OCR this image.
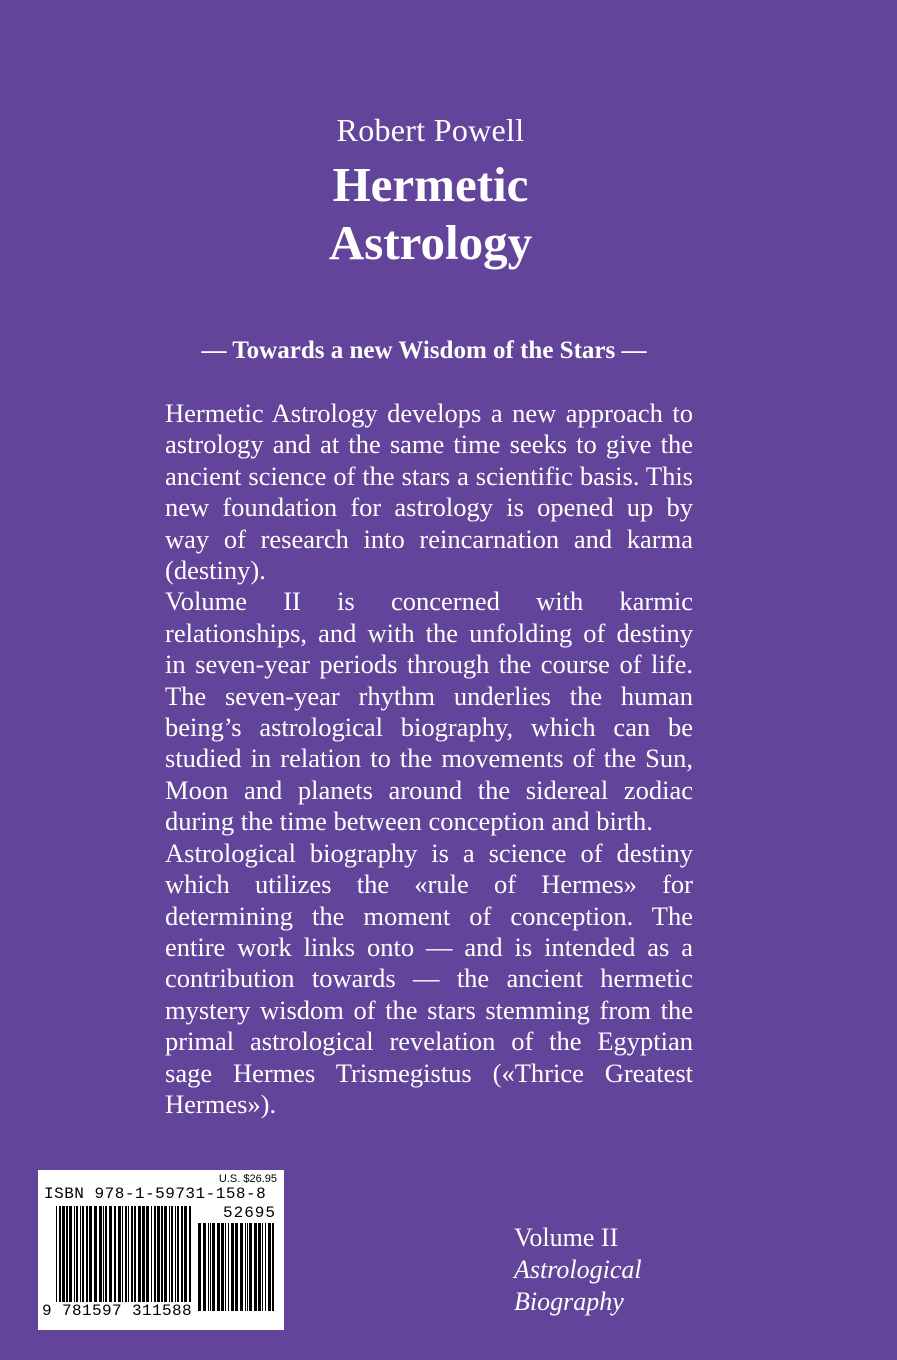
Robert Powell
Hermetic
Astrology
— Towards a new Wisdom of the Stars —

Hermetic Astrology develops a new approach to astrology and at the same time seeks to give the ancient science of the stars a scientific basis. This new foundation for astrology is opened up by way of research into reincarnation and karma (destiny).

Volume II is concerned with karmic relationships, and with the unfolding of destiny in seven-year periods through the course of life. The seven-year rhythm underlies the human being’s astrological biography, which can be studied in relation to the movements of the Sun, Moon and planets around the sidereal zodiac during the time between conception and birth.

Astrological biography is a science of destiny which utilizes the «rule of Hermes» for determining the moment of conception. The entire work links onto — and is intended as a contribution towards — the ancient hermetic mystery wisdom of the stars stemming from the primal astrological revelation of the Egyptian sage Hermes Trismegistus («Thrice Greatest Hermes»).

Volume II
Astrological
Biography
U.S. $26.95
ISBN 978-1-59731-158-8
52695
9 781597 311588
